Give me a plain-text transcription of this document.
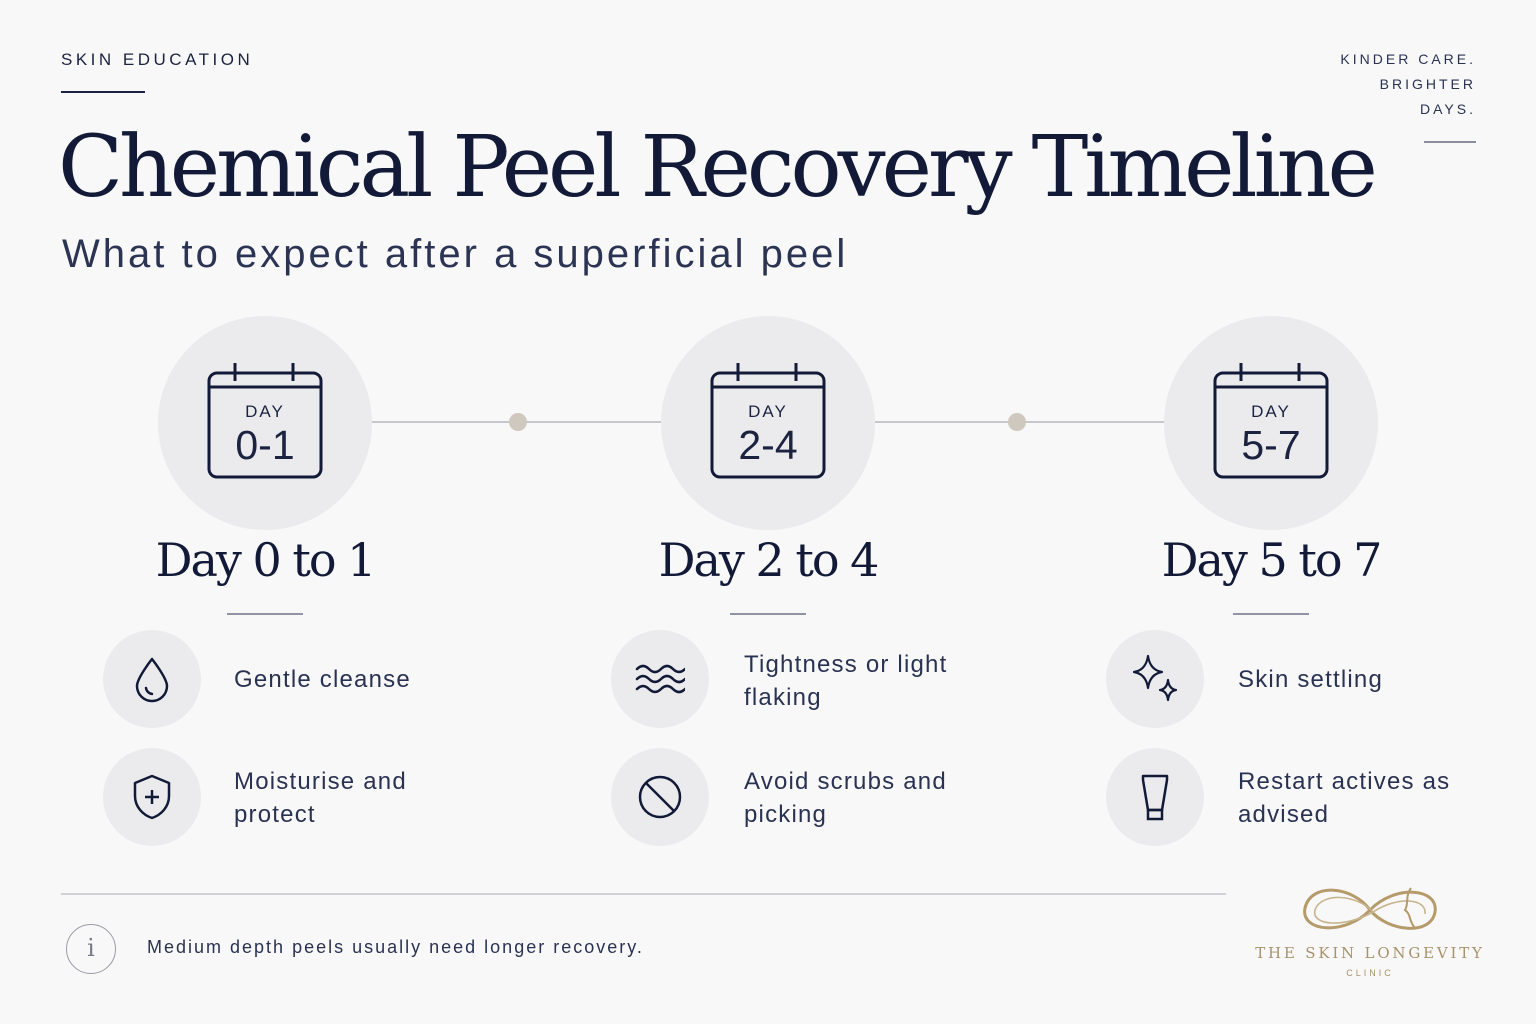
SKIN EDUCATION	KINDER CARE.
BRIGHTER
DAYS.
Chemical Peel Recovery Timeline
What to expect after a superficial peel
DAY
0-1
Day 0 to 1
Gentle cleanse
Moisturise and protect
DAY
2-4
Day 2 to 4
Tightness or light flaking
Avoid scrubs and picking
DAY
5-7
Day 5 to 7
Skin settling
Restart actives as advised
i	Medium depth peels usually need longer recovery.	THE SKIN LONGEVITY
CLINIC
